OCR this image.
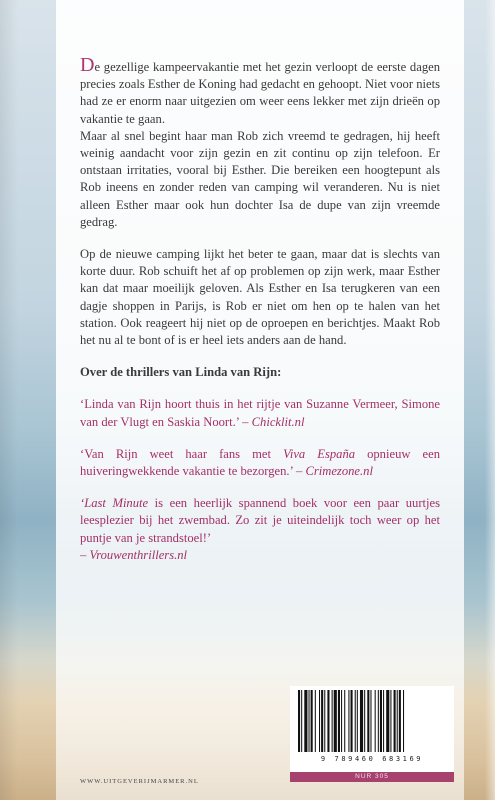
De gezellige kampeervakantie met het gezin verloopt de eerste dagen precies zoals Esther de Koning had gedacht en gehoopt. Niet voor niets had ze er enorm naar uitgezien om weer eens lekker met zijn drieën op vakantie te gaan.

Maar al snel begint haar man Rob zich vreemd te gedragen, hij heeft weinig aandacht voor zijn gezin en zit continu op zijn telefoon. Er ontstaan irritaties, vooral bij Esther. Die bereiken een hoogtepunt als Rob ineens en zonder reden van camping wil veranderen. Nu is niet alleen Esther maar ook hun dochter Isa de dupe van zijn vreemde gedrag.

Op de nieuwe camping lijkt het beter te gaan, maar dat is slechts van korte duur. Rob schuift het af op problemen op zijn werk, maar Esther kan dat maar moeilijk geloven. Als Esther en Isa terugkeren van een dagje shoppen in Parijs, is Rob er niet om hen op te halen van het station. Ook reageert hij niet op de oproepen en berichtjes. Maakt Rob het nu al te bont of is er heel iets anders aan de hand.

Over de thrillers van Linda van Rijn:

‘Linda van Rijn hoort thuis in het rijtje van Suzanne Vermeer, Simone van der Vlugt en Saskia Noort.’ – Chicklit.nl

‘Van Rijn weet haar fans met Viva España opnieuw een huiveringwekkende vakantie te bezorgen.’ – Crimezone.nl

‘Last Minute is een heerlijk spannend boek voor een paar uurtjes leesplezier bij het zwembad. Zo zit je uiteindelijk toch weer op het puntje van je strandstoel!’
– Vrouwenthrillers.nl

WWW.UITGEVERIJMARMER.NL
9 789460 683169
NUR 305
